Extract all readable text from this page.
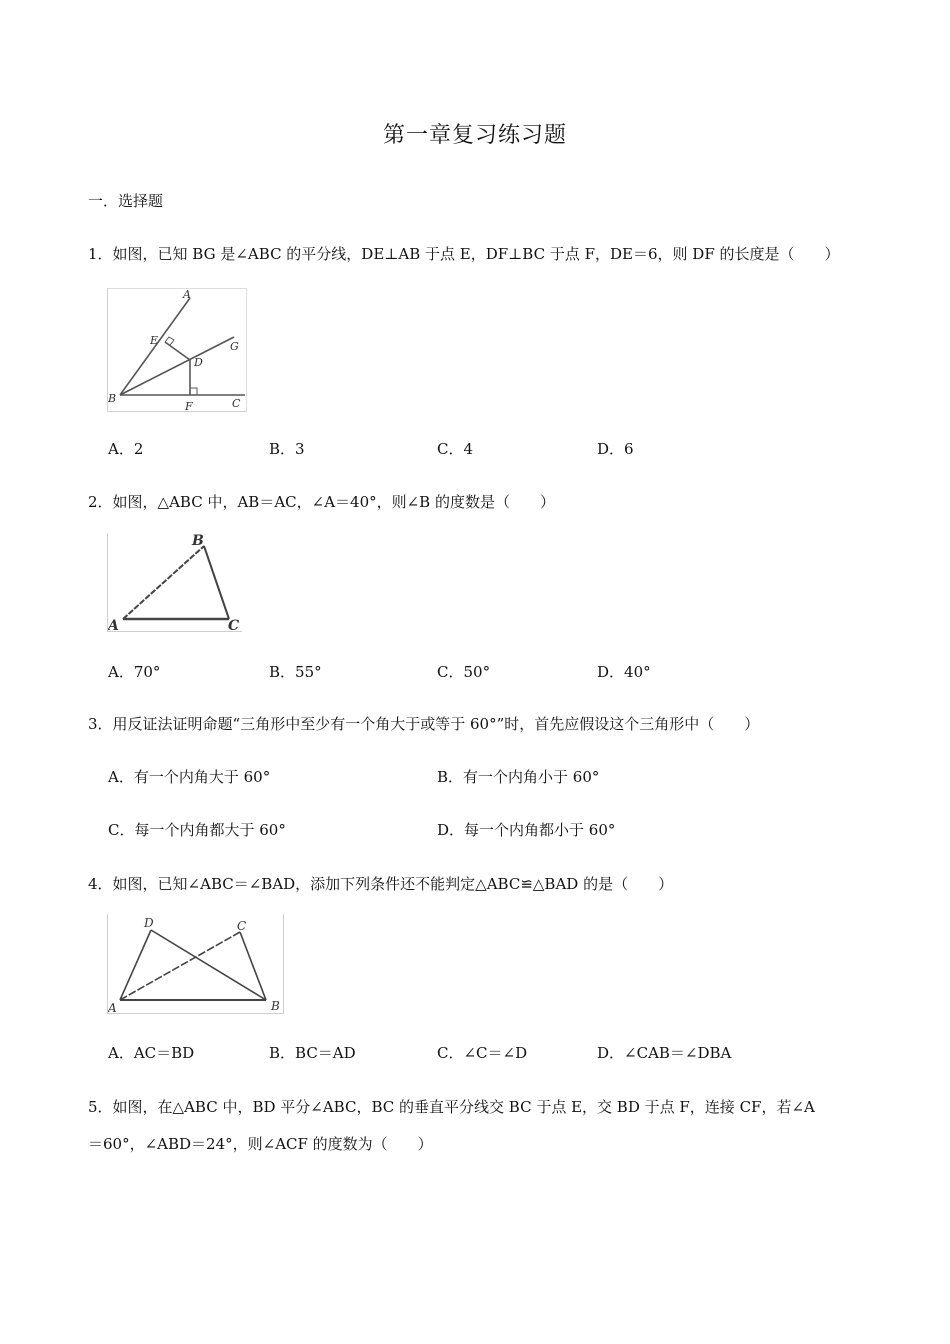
第一章复习练习题
一．选择题
1．如图，已知 BG 是∠ABC 的平分线，DE⊥AB 于点 E，DF⊥BC 于点 F，DE＝6，则 DF 的长度是（　　）
A
E
D
G
B
F	C
A．2	B．3	C．4	D．6
2．如图，△ABC 中，AB＝AC，∠A＝40°，则∠B 的度数是（　　）
B
A	C
A．70°	B．55°	C．50°	D．40°
3．用反证法证明命题“三角形中至少有一个角大于或等于 60°”时，首先应假设这个三角形中（　　）
A．有一个内角大于 60°	B．有一个内角小于 60°
C．每一个内角都大于 60°	D．每一个内角都小于 60°
4．如图，已知∠ABC＝∠BAD，添加下列条件还不能判定△ABC≌△BAD 的是（　　）
D	C
A	B
A．AC＝BD	B．BC＝AD	C．∠C＝∠D	D．∠CAB＝∠DBA
5．如图，在△ABC 中，BD 平分∠ABC，BC 的垂直平分线交 BC 于点 E，交 BD 于点 F，连接 CF，若∠A
＝60°，∠ABD＝24°，则∠ACF 的度数为（　　）
